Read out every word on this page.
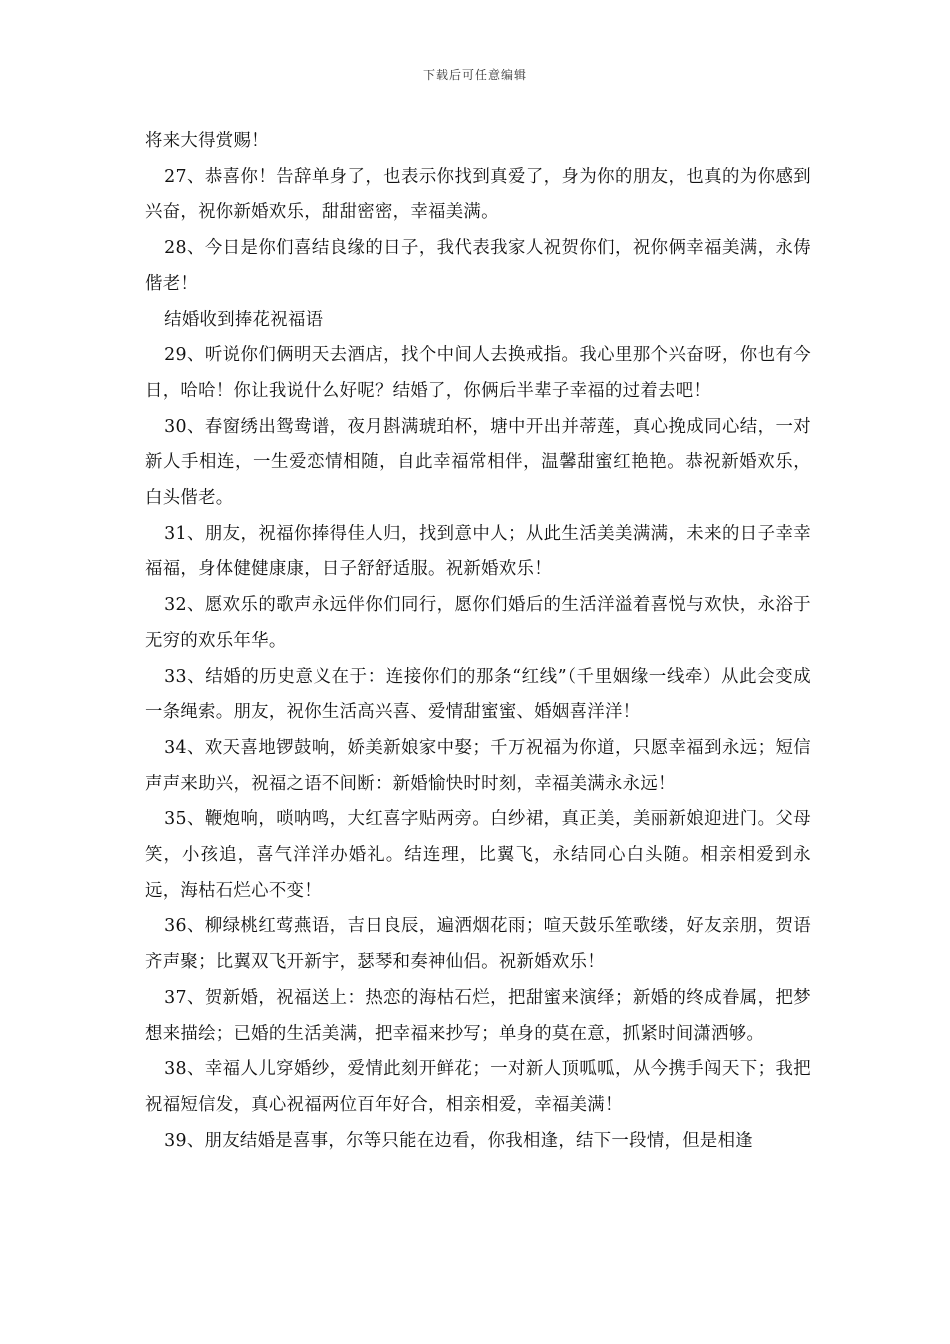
下载后可任意编辑

将来大得赏赐！

27、恭喜你！告辞单身了，也表示你找到真爱了，身为你的朋友，也真的为你感到兴奋，祝你新婚欢乐，甜甜密密，幸福美满。

28、今日是你们喜结良缘的日子，我代表我家人祝贺你们，祝你俩幸福美满，永俦偕老！

结婚收到捧花祝福语

29、听说你们俩明天去酒店，找个中间人去换戒指。我心里那个兴奋呀，你也有今日，哈哈！你让我说什么好呢？结婚了，你俩后半辈子幸福的过着去吧！

30、春窗绣出鸳鸯谱，夜月斟满琥珀杯，塘中开出并蒂莲，真心挽成同心结，一对新人手相连，一生爱恋情相随，自此幸福常相伴，温馨甜蜜红艳艳。恭祝新婚欢乐，白头偕老。

31、朋友，祝福你捧得佳人归，找到意中人；从此生活美美满满，未来的日子幸幸福福，身体健健康康，日子舒舒适服。祝新婚欢乐！

32、愿欢乐的歌声永远伴你们同行，愿你们婚后的生活洋溢着喜悦与欢快，永浴于无穷的欢乐年华。

33、结婚的历史意义在于：连接你们的那条“红线”（千里姻缘一线牵）从此会变成一条绳索。朋友，祝你生活高兴喜、爱情甜蜜蜜、婚姻喜洋洋！

34、欢天喜地锣鼓响，娇美新娘家中娶；千万祝福为你道，只愿幸福到永远；短信声声来助兴，祝福之语不间断：新婚愉快时时刻，幸福美满永永远！

35、鞭炮响，唢呐鸣，大红喜字贴两旁。白纱裙，真正美，美丽新娘迎进门。父母笑，小孩追，喜气洋洋办婚礼。结连理，比翼飞，永结同心白头随。相亲相爱到永远，海枯石烂心不变！

36、柳绿桃红莺燕语，吉日良辰，遍洒烟花雨；喧天鼓乐笙歌缕，好友亲朋，贺语齐声聚；比翼双飞开新宇，瑟琴和奏神仙侣。祝新婚欢乐！

37、贺新婚，祝福送上：热恋的海枯石烂，把甜蜜来演绎；新婚的终成眷属，把梦想来描绘；已婚的生活美满，把幸福来抄写；单身的莫在意，抓紧时间潇洒够。

38、幸福人儿穿婚纱，爱情此刻开鲜花；一对新人顶呱呱，从今携手闯天下；我把祝福短信发，真心祝福两位百年好合，相亲相爱，幸福美满！

39、朋友结婚是喜事，尔等只能在边看，你我相逢，结下一段情，但是相逢
